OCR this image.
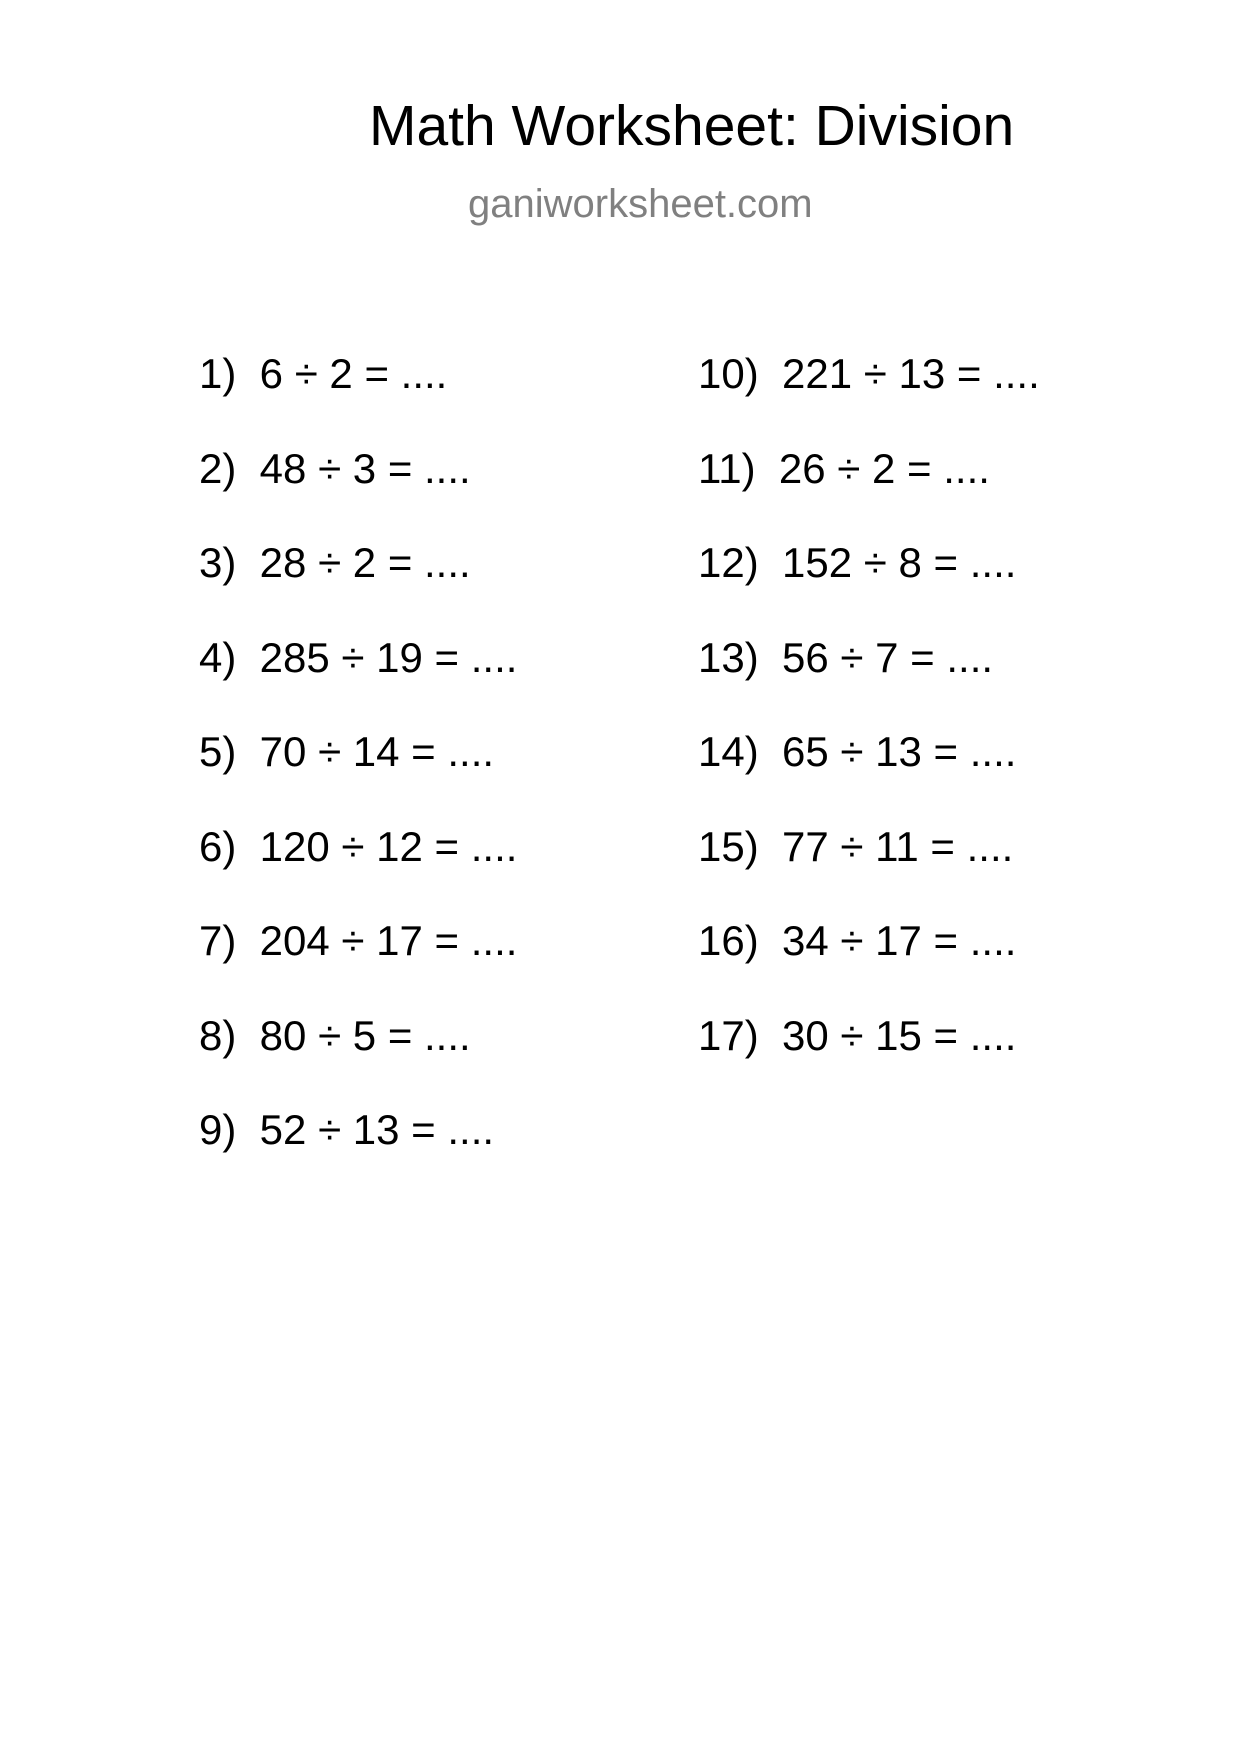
Math Worksheet: Division
ganiworksheet.com
1)  6 ÷ 2 = ....
2)  48 ÷ 3 = ....
3)  28 ÷ 2 = ....
4)  285 ÷ 19 = ....
5)  70 ÷ 14 = ....
6)  120 ÷ 12 = ....
7)  204 ÷ 17 = ....
8)  80 ÷ 5 = ....
9)  52 ÷ 13 = ....
10)  221 ÷ 13 = ....
11)  26 ÷ 2 = ....
12)  152 ÷ 8 = ....
13)  56 ÷ 7 = ....
14)  65 ÷ 13 = ....
15)  77 ÷ 11 = ....
16)  34 ÷ 17 = ....
17)  30 ÷ 15 = ....
